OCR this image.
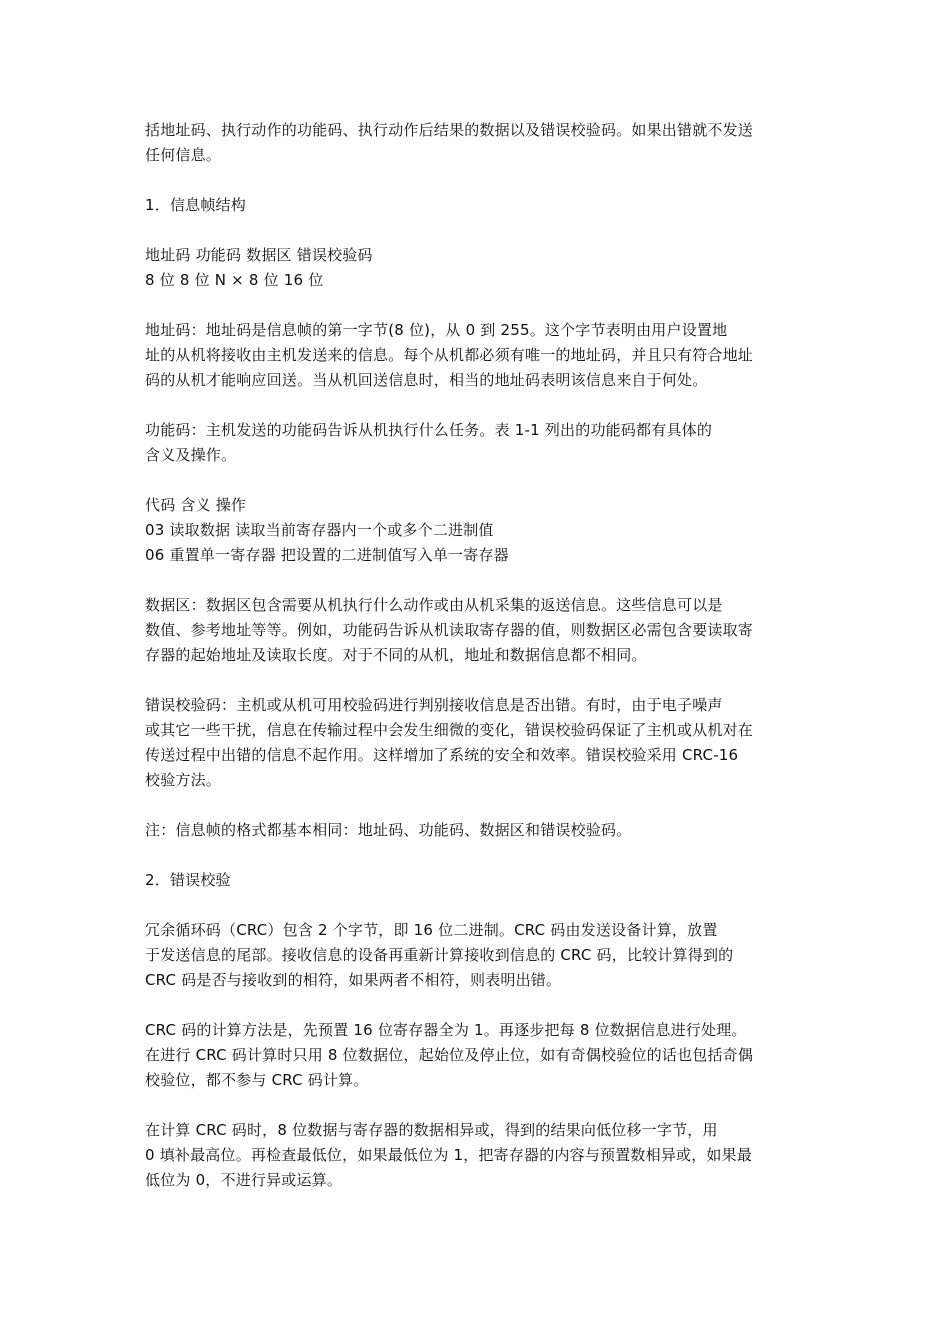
括地址码、执行动作的功能码、执行动作后结果的数据以及错误校验码。如果出错就不发送
任何信息。
1．信息帧结构
地址码 功能码 数据区 错误校验码
8 位 8 位 N × 8 位 16 位
地址码：地址码是信息帧的第一字节(8 位)，从 0 到 255。这个字节表明由用户设置地
址的从机将接收由主机发送来的信息。每个从机都必须有唯一的地址码，并且只有符合地址
码的从机才能响应回送。当从机回送信息时，相当的地址码表明该信息来自于何处。
功能码：主机发送的功能码告诉从机执行什么任务。表 1-1 列出的功能码都有具体的
含义及操作。
代码 含义 操作
03 读取数据 读取当前寄存器内一个或多个二进制值
06 重置单一寄存器 把设置的二进制值写入单一寄存器
数据区：数据区包含需要从机执行什么动作或由从机采集的返送信息。这些信息可以是
数值、参考地址等等。例如，功能码告诉从机读取寄存器的值，则数据区必需包含要读取寄
存器的起始地址及读取长度。对于不同的从机，地址和数据信息都不相同。
错误校验码：主机或从机可用校验码进行判别接收信息是否出错。有时，由于电子噪声
或其它一些干扰，信息在传输过程中会发生细微的变化，错误校验码保证了主机或从机对在
传送过程中出错的信息不起作用。这样增加了系统的安全和效率。错误校验采用 CRC-16
校验方法。
注：信息帧的格式都基本相同：地址码、功能码、数据区和错误校验码。
2．错误校验
冗余循环码（CRC）包含 2 个字节，即 16 位二进制。CRC 码由发送设备计算，放置
于发送信息的尾部。接收信息的设备再重新计算接收到信息的 CRC 码，比较计算得到的
CRC 码是否与接收到的相符，如果两者不相符，则表明出错。
CRC 码的计算方法是，先预置 16 位寄存器全为 1。再逐步把每 8 位数据信息进行处理。
在进行 CRC 码计算时只用 8 位数据位，起始位及停止位，如有奇偶校验位的话也包括奇偶
校验位，都不参与 CRC 码计算。
在计算 CRC 码时，8 位数据与寄存器的数据相异或，得到的结果向低位移一字节，用
0 填补最高位。再检查最低位，如果最低位为 1，把寄存器的内容与预置数相异或，如果最
低位为 0，不进行异或运算。
